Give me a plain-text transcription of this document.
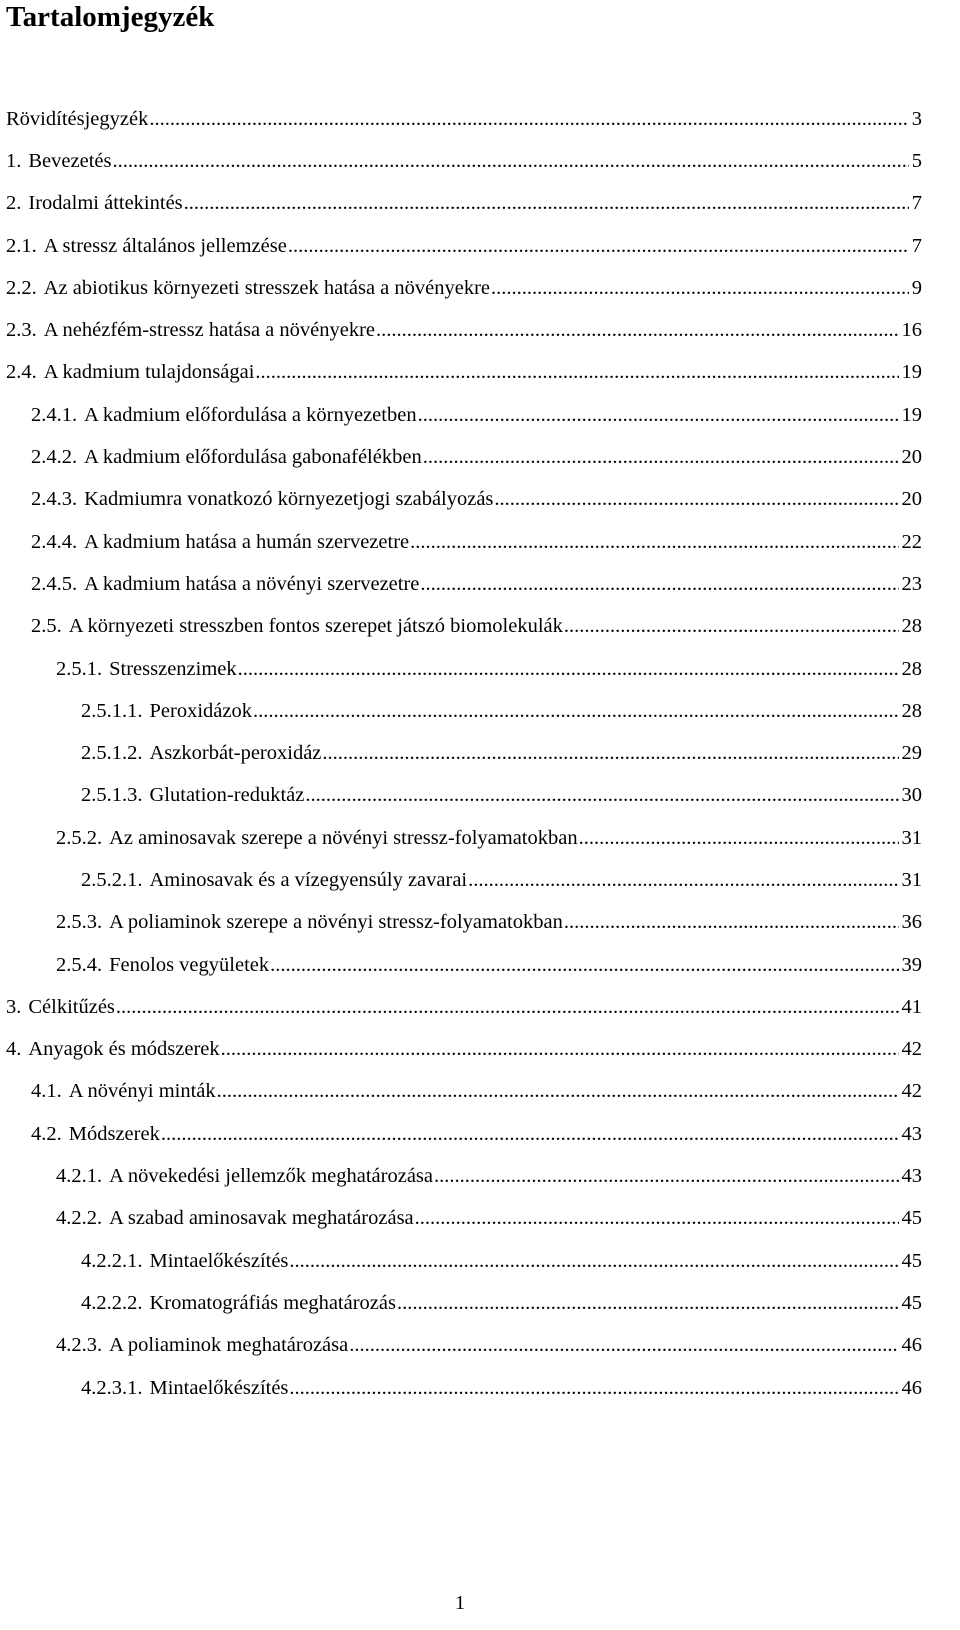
Tartalomjegyzék
Rövidítésjegyzék .....	3
1. Bevezetés .....	5
2. Irodalmi áttekintés .....	7
2.1. A stressz általános jellemzése .....	7
2.2. Az abiotikus környezeti stresszek hatása a növényekre .....	9
2.3. A nehézfém-stressz hatása a növényekre .....	16
2.4. A kadmium tulajdonságai .....	19
2.4.1. A kadmium előfordulása a környezetben .....	19
2.4.2. A kadmium előfordulása gabonafélékben .....	20
2.4.3. Kadmiumra vonatkozó környezetjogi szabályozás .....	20
2.4.4. A kadmium hatása a humán szervezetre .....	22
2.4.5. A kadmium hatása a növényi szervezetre .....	23
2.5. A környezeti stresszben fontos szerepet játszó biomolekulák .....	28
2.5.1. Stresszenzimek .....	28
2.5.1.1. Peroxidázok .....	28
2.5.1.2. Aszkorbát-peroxidáz .....	29
2.5.1.3. Glutation-reduktáz .....	30
2.5.2. Az aminosavak szerepe a növényi stressz-folyamatokban .....	31
2.5.2.1. Aminosavak és a vízegyensúly zavarai .....	31
2.5.3. A poliaminok szerepe a növényi stressz-folyamatokban .....	36
2.5.4. Fenolos vegyületek .....	39
3. Célkitűzés .....	41
4. Anyagok és módszerek .....	42
4.1. A növényi minták .....	42
4.2. Módszerek .....	43
4.2.1. A növekedési jellemzők meghatározása .....	43
4.2.2. A szabad aminosavak meghatározása .....	45
4.2.2.1. Mintaelőkészítés .....	45
4.2.2.2. Kromatográfiás meghatározás .....	45
4.2.3. A poliaminok meghatározása .....	46
4.2.3.1. Mintaelőkészítés .....	46
1
